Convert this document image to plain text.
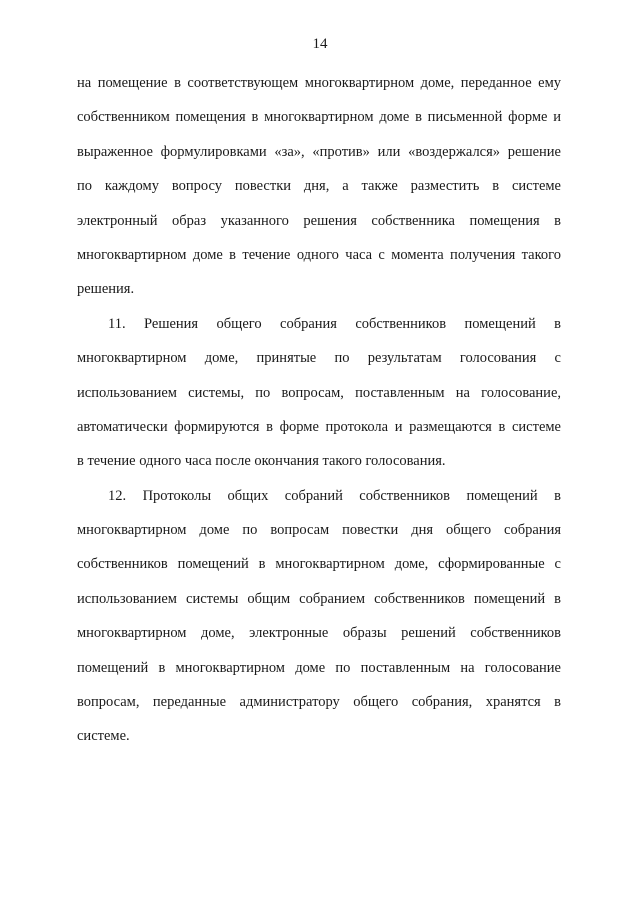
14
на помещение в соответствующем многоквартирном доме, переданное ему
собственником помещения в многоквартирном доме в письменной форме и
выраженное формулировками «за», «против» или «воздержался» решение
по каждому вопросу повестки дня, а также разместить в системе
электронный образ указанного решения собственника помещения в
многоквартирном доме в течение одного часа с момента получения такого
решения.
11. Решения общего собрания собственников помещений в
многоквартирном доме, принятые по результатам голосования с
использованием системы, по вопросам, поставленным на голосование,
автоматически формируются в форме протокола и размещаются в системе
в течение одного часа после окончания такого голосования.
12. Протоколы общих собраний собственников помещений в
многоквартирном доме по вопросам повестки дня общего собрания
собственников помещений в многоквартирном доме, сформированные с
использованием системы общим собранием собственников помещений в
многоквартирном доме, электронные образы решений собственников
помещений в многоквартирном доме по поставленным на голосование
вопросам, переданные администратору общего собрания, хранятся в
системе.
